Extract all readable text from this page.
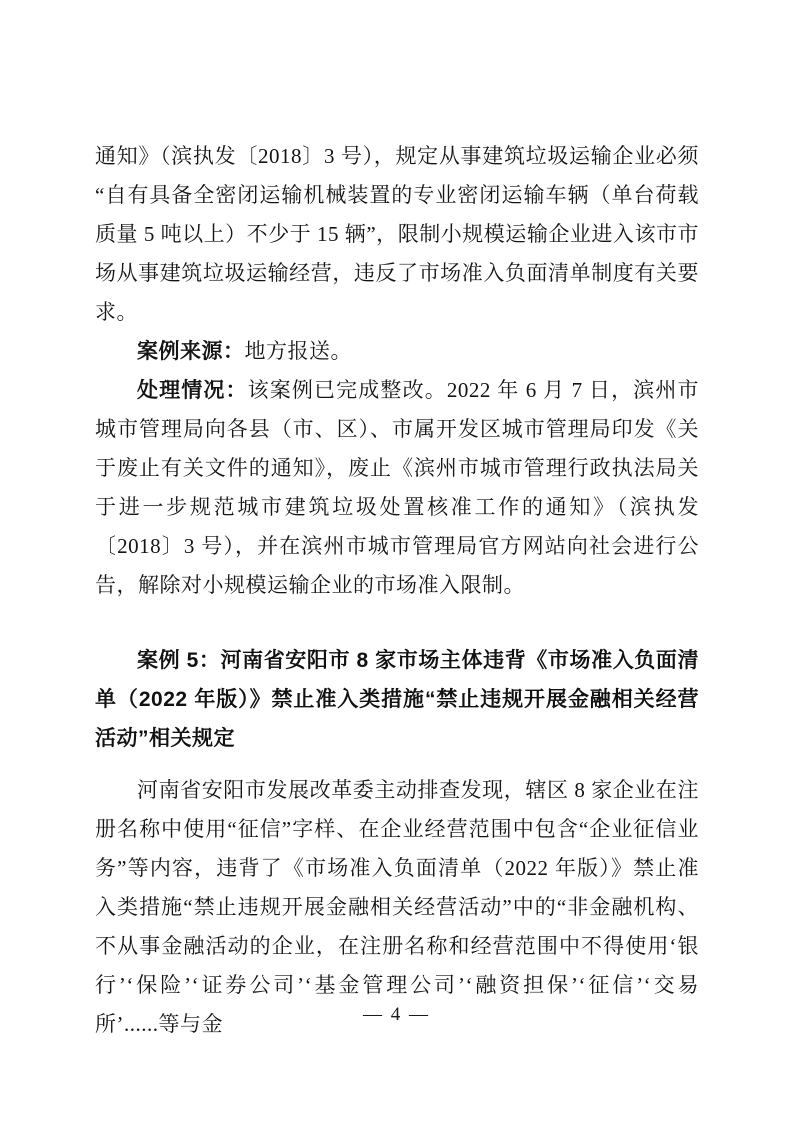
通知》（滨执发〔2018〕3 号），规定从事建筑垃圾运输企业必须“自有具备全密闭运输机械装置的专业密闭运输车辆（单台荷载质量 5 吨以上）不少于 15 辆”，限制小规模运输企业进入该市市场从事建筑垃圾运输经营，违反了市场准入负面清单制度有关要求。

案例来源：地方报送。

处理情况：该案例已完成整改。2022 年 6 月 7 日，滨州市城市管理局向各县（市、区）、市属开发区城市管理局印发《关于废止有关文件的通知》，废止《滨州市城市管理行政执法局关于进一步规范城市建筑垃圾处置核准工作的通知》（滨执发〔2018〕3 号），并在滨州市城市管理局官方网站向社会进行公告，解除对小规模运输企业的市场准入限制。

案例 5：河南省安阳市 8 家市场主体违背《市场准入负面清单（2022 年版）》禁止准入类措施“禁止违规开展金融相关经营活动”相关规定

河南省安阳市发展改革委主动排查发现，辖区 8 家企业在注册名称中使用“征信”字样、在企业经营范围中包含“企业征信业务”等内容，违背了《市场准入负面清单（2022 年版）》禁止准入类措施“禁止违规开展金融相关经营活动”中的“非金融机构、不从事金融活动的企业，在注册名称和经营范围中不得使用‘银行’‘保险’‘证券公司’‘基金管理公司’‘融资担保’‘征信’‘交易所’......等与金	— 4 —
